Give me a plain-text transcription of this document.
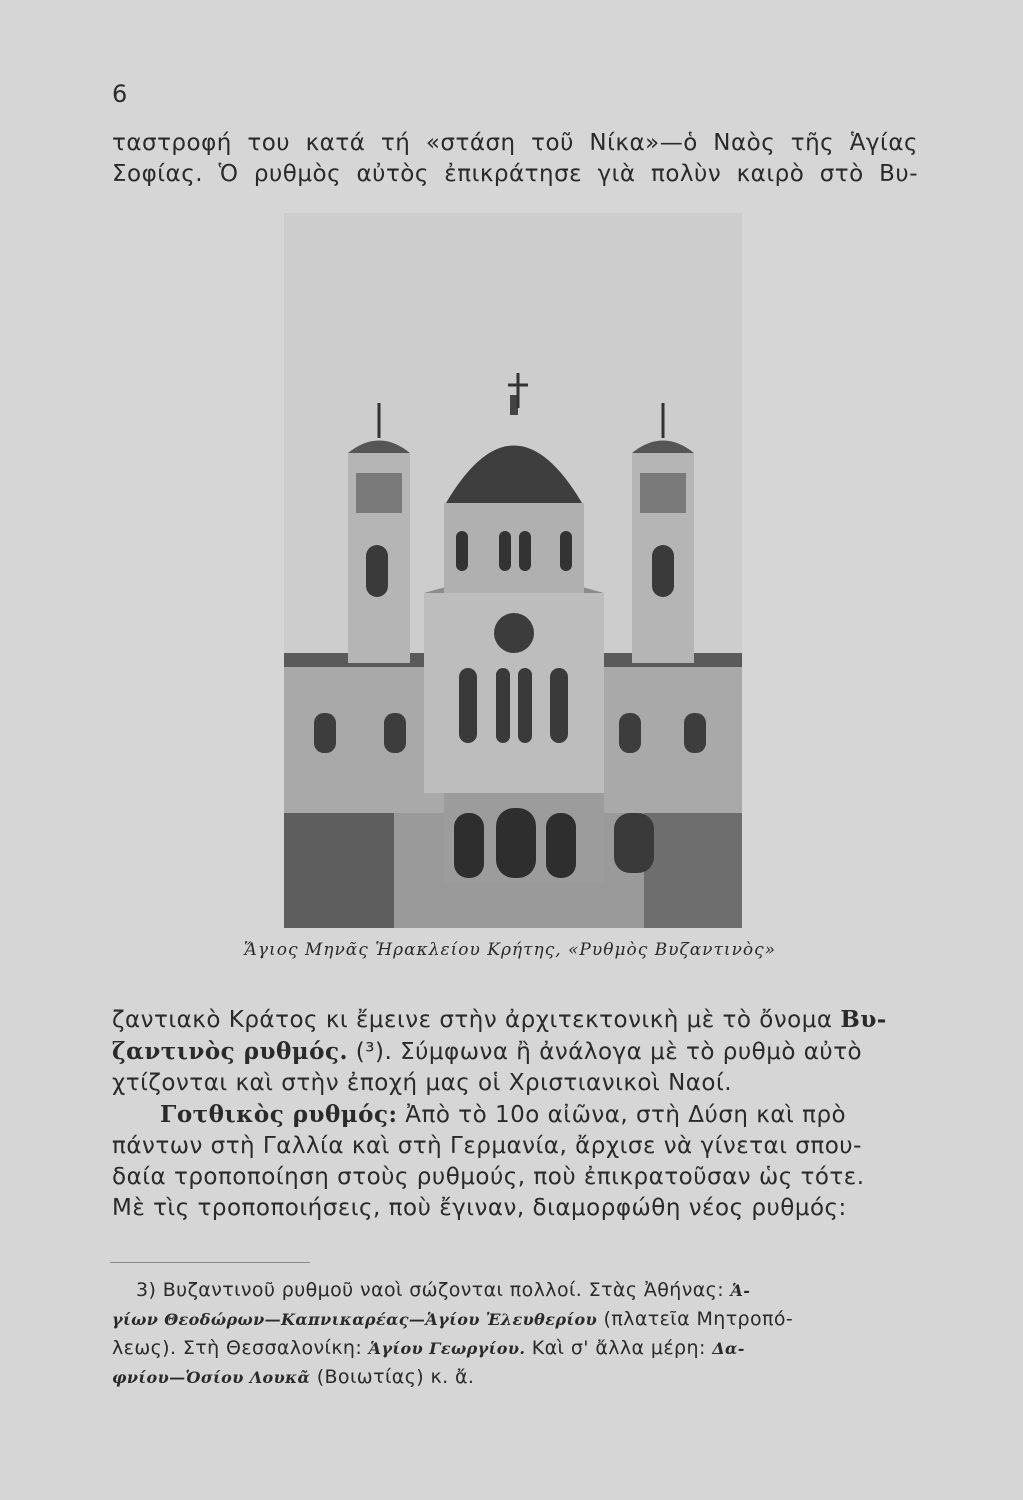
6
ταστροφή του κατά τή «στάση τοῦ Νίκα»—ὁ Ναὸς τῆς Ἁγίας
Σοφίας. Ὁ ρυθμὸς αὐτὸς ἐπικράτησε γιὰ πολὺν καιρὸ στὸ Βυ-
Ἅγιος Μηνᾶς Ἡρακλείου Κρήτης, «Ρυθμὸς Βυζαντινὸς»
ζαντιακὸ Κράτος κι ἔμεινε στὴν ἀρχιτεκτονικὴ μὲ τὸ ὄνομα Βυ-
ζαντινὸς ρυθμός. (³). Σύμφωνα ἢ ἀνάλογα μὲ τὸ ρυθμὸ αὐτὸ
χτίζονται καὶ στὴν ἐποχή μας οἱ Χριστιανικοὶ Ναοί.
Γοτθικὸς ρυθμός: Ἀπὸ τὸ 10ο αἰῶνα, στὴ Δύση καὶ πρὸ
πάντων στὴ Γαλλία καὶ στὴ Γερμανία, ἄρχισε νὰ γίνεται σπου-
δαία τροποποίηση στοὺς ρυθμούς, ποὺ ἐπικρατοῦσαν ὡς τότε.
Μὲ τὶς τροποποιήσεις, ποὺ ἔγιναν, διαμορφώθη νέος ρυθμός:
3) Βυζαντινοῦ ρυθμοῦ ναοὶ σώζονται πολλοί. Στὰς Ἀθήνας: Ἁ-
γίων Θεοδώρων—Καπνικαρέας—Ἁγίου Ἐλευθερίου (πλατεῖα Μητροπό-
λεως). Στὴ Θεσσαλονίκη: Ἁγίου Γεωργίου. Καὶ σ' ἄλλα μέρη: Δα-
φνίου—Ὁσίου Λουκᾶ (Βοιωτίας) κ. ἄ.
